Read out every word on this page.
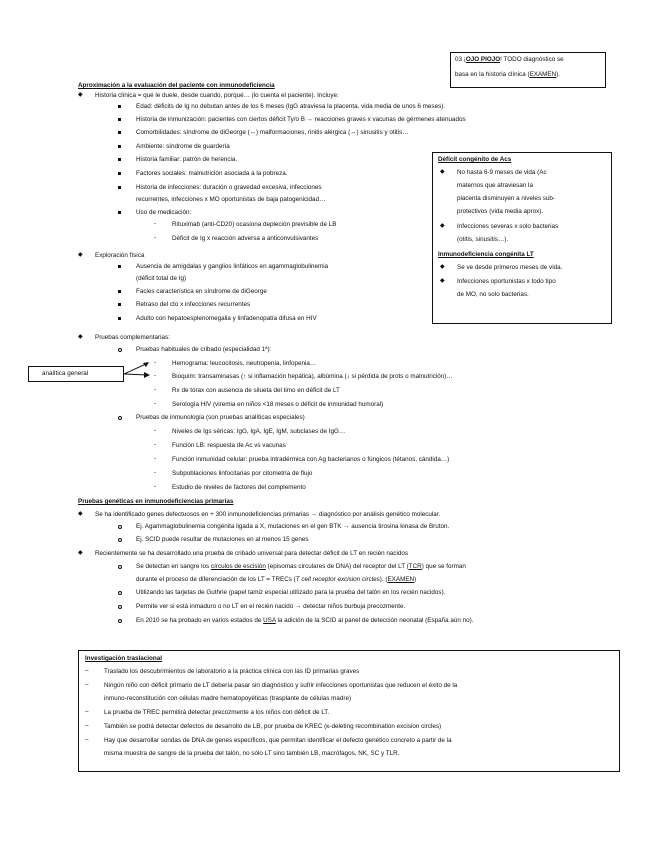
03 ¡OJO PIOJO! TODO diagnóstico se
basa en la historia clínica (EXAMEN).
Aproximación a la evaluación del paciente con inmunodeficiencia
◆ Historia clínica = qué le duele, desde cuando, porqué… (lo cuenta el paciente). Incluye:
Edad: déficits de Ig no debutan antes de los 6 meses (IgG atraviesa la placenta, vida media de unos 6 meses).
Historia de inmunización: pacientes con ciertos déficit Ty/o B → reacciones graves x vacunas de gérmenes atenuados
Comorbilidades: síndrome de diGeorge (↔) malformaciones, rinitis alérgica (↔) sinusitis y otitis…
Ambiente: síndrome de guardería
Historia familiar: patrón de herencia.
Factores sociales: malnutrición asociada a la pobreza.
Historia de infecciones: duración o gravedad excesiva, infecciones
recurrentes, infecciones x MO oportunistas de baja patogenicidad…
Uso de medicación:
-	Rituximab (anti-CD20) ocasiona depleción previsible de LB
-	Déficit de Ig x reacción adversa a anticonvulsivantes
◆ Exploración física
Ausencia de amígdalas y ganglios linfáticos en agammaglobulinemia
(déficit total de Ig)
Facies característica en síndrome de diGeorge
Retraso del cto x infecciones recurrentes
Adulto con hepatoesplenomegalia y linfadenopatía difusa en HIV
◆ Pruebas complementarias:
Pruebas habituales de cribado (especialidad 1ª):
-	Hemograma: leucocitosis, neutropenia, linfopenia…
-	Bioquim: transaminasas (↑ si inflamación hepática), albúmina (↓ si pérdida de prots o malnutrición)…
-	Rx de tórax con ausencia de silueta del timo en déficit de LT
-	Serología HIV (viremia en niños <18 meses o déficit de inmunidad humoral)
analítica general
Pruebas de inmunología (son pruebas analíticas especiales)
-	Niveles de Igs séricas: IgG, IgA, IgE, IgM, subclases de IgG…
-	Función LB: respuesta de Ac vs vacunas
-	Función inmunidad celular: prueba intradérmica con Ag bacterianos o fúngicos (tétanos, cándida…)
-	Subpoblaciones linfocitarias por citometría de flujo
-	Estudio de niveles de factores del complemento
Déficit congénito de Acs
◆ No hasta 6-9 meses de vida (Ac
maternos que atraviesan la
placenta disminuyen a niveles sub-
protectivos (vida media aprox).
◆ Infecciones severas x solo bacterias
(otitis, sinusitis…).
Inmunodeficiencia congénita LT
◆ Se ve desde primeros meses de vida.
◆ Infecciones oportunistas x todo tipo
de MO, no solo bacterias.
Pruebas genéticas en inmunodeficiencias primarias
◆ Se ha identificado genes defectuosos en + 300 inmunodeficiencias primarias → diagnóstico por análisis genético molecular.
Ej. Agammaglobulinemia congénita ligada a X, mutaciones en el gen BTK → ausencia tirosina kinasa de Bruton.
Ej. SCID puede resultar de mutaciones en al menos 15 genes
◆ Recientemente se ha desarrollado una prueba de cribado universal para detectar déficit de LT en recién nacidos
Se detectan en sangre los círculos de escisión (episomas circulares de DNA) del receptor del LT (TCR) que se forman
durante el proceso de diferenciación de los LT = TRECs (T cell receptor excision circles). (EXAMEN)
Utilizando las tarjetas de Guthrie (papel tamiz especial utilizado para la prueba del talón en los recién nacidos).
Permite ver si está inmaduro o no LT en el recién nacido → detectar niños burbuja precozmente.
En 2010 se ha probado en varios estados de USA la adición de la SCID al panel de detección neonatal (España aún no).
Investigación traslacional
– Traslado los descubrimientos de laboratorio a la práctica clínica con las ID primarias graves
– Ningún niño con déficit primario de LT debería pasar sin diagnóstico y sufrir infecciones oportunistas que reducen el éxito de la
inmuno-reconstitución con células madre hematopoyéticas (trasplante de células madre)
– La prueba de TREC permitirá detectar precozmente a los niños con déficit de LT.
– También se podrá detectar defectos de desarrollo de LB, por prueba de KREC (κ-deleting recombination excision circles)
– Hay que desarrollar sondas de DNA de genes específicos, que permitan identificar el defecto genético concreto a partir de la
misma muestra de sangre de la prueba del talón, no sólo LT sino también LB, macrófagos, NK, SC y TLR.
